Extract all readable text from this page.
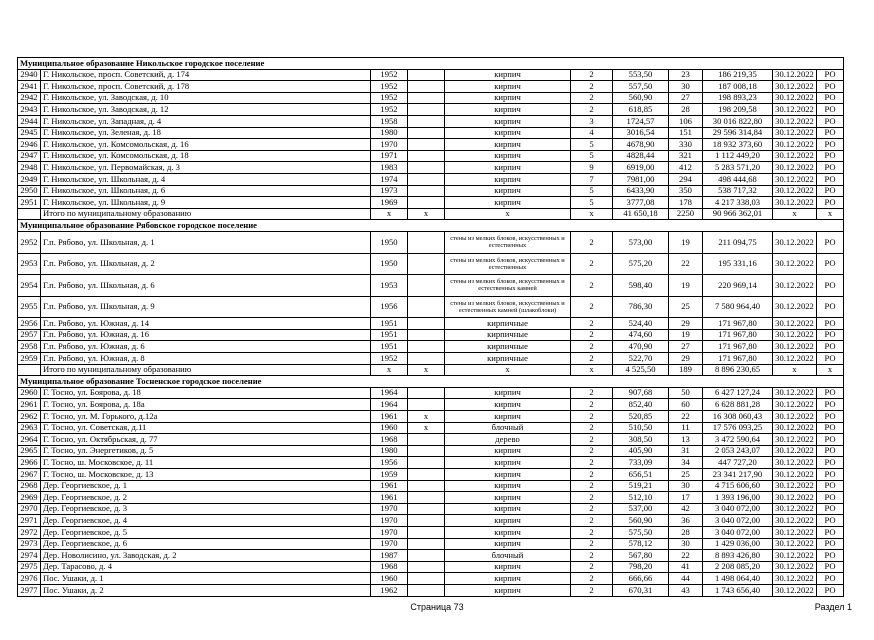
Муниципальное образование Никольское городское поселение										
2940	Г. Никольское, просп. Советский, д. 174	1952			кирпич	2	553,50	23	186 219,35	30.12.2022	РО
2941	Г. Никольское, просп. Советский, д. 178	1952			кирпич	2	557,50	30	187 008,18	30.12.2022	РО
2942	Г. Никольское, ул. Заводская, д. 10	1952			кирпич	2	560,90	27	198 893,23	30.12.2022	РО
2943	Г. Никольское, ул. Заводская, д. 12	1952			кирпич	2	618,85	28	198 209,58	30.12.2022	РО
2944	Г. Никольское, ул. Западная, д. 4	1958			кирпич	3	1724,57	106	30 016 822,80	30.12.2022	РО
2945	Г. Никольское, ул. Зеленая, д. 18	1980			кирпич	4	3016,54	151	29 596 314,84	30.12.2022	РО
2946	Г. Никольское, ул. Комсомольская, д. 16	1970			кирпич	5	4678,90	330	18 932 373,60	30.12.2022	РО
2947	Г. Никольское, ул. Комсомольская, д. 18	1971			кирпич	5	4828,44	321	1 112 449,20	30.12.2022	РО
2948	Г. Никольское, ул. Первомайская, д. 3	1983			кирпич	9	6919,00	412	5 283 571,20	30.12.2022	РО
2949	Г. Никольское, ул. Школьная, д. 4	1974			кирпич	7	7981,00	294	498 444,68	30.12.2022	РО
2950	Г. Никольское, ул. Школьная, д. 6	1973			кирпич	5	6433,90	350	538 717,32	30.12.2022	РО
2951	Г. Никольское, ул. Школьная, д. 9	1969			кирпич	5	3777,08	178	4 217 338,03	30.12.2022	РО
	Итого по муниципальному образованию	x	x		x	x	41 650,18	2250	90 966 362,01	x	x
Муниципальное образование Рябовское городское поселение										
2952	Г.п. Рябово, ул. Школьная, д. 1	1950			стены из мелких блоков, искусственных и естественных	2	573,00	19	211 094,75	30.12.2022	РО
2953	Г.п. Рябово, ул. Школьная, д. 2	1950			стены из мелких блоков, искусственных и естественных	2	575,20	22	195 331,16	30.12.2022	РО
2954	Г.п. Рябово, ул. Школьная, д. 6	1953			стены из мелких блоков, искусственных и естественных камней	2	598,40	19	220 969,14	30.12.2022	РО
2955	Г.п. Рябово, ул. Школьная, д. 9	1956			стены из мелких блоков, искусственных и естественных камней (шлакоблоки)	2	786,30	25	7 580 964,40	30.12.2022	РО
2956	Г.п. Рябово, ул. Южная, д. 14	1951			кирпичные	2	524,40	29	171 967,80	30.12.2022	РО
2957	Г.п. Рябово, ул. Южная, д. 16	1951			кирпичные	2	474,60	19	171 967,80	30.12.2022	РО
2958	Г.п. Рябово, ул. Южная, д. 6	1951			кирпичные	2	470,90	27	171 967,80	30.12.2022	РО
2959	Г.п. Рябово, ул. Южная, д. 8	1952			кирпичные	2	522,70	29	171 967,80	30.12.2022	РО
	Итого по муниципальному образованию	x	x		x	x	4 525,50	189	8 896 230,65	x	x
Муниципальное образование Тосненское городское поселение										
2960	Г. Тосно, ул. Боярова, д. 18	1964			кирпич	2	907,68	50	6 427 127,24	30.12.2022	РО
2961	Г. Тосно, ул. Боярова, д. 18а	1964			кирпич	2	852,40	60	6 628 881,28	30.12.2022	РО
2962	Г. Тосно, ул. М. Горького, д.12а	1961	x		кирпич	2	520,85	22	16 308 060,43	30.12.2022	РО
2963	Г. Тосно, ул. Советская, д.11	1960	x		блочный	2	510,50	11	17 576 093,25	30.12.2022	РО
2964	Г. Тосно, ул. Октябрьская, д. 77	1968			дерево	2	308,50	13	3 472 590,64	30.12.2022	РО
2965	Г. Тосно, ул. Энергетиков, д. 5	1980			кирпич	2	405,90	31	2 053 243,07	30.12.2022	РО
2966	Г. Тосно, ш. Московское, д. 11	1956			кирпич	2	733,09	34	447 727,20	30.12.2022	РО
2967	Г. Тосно, ш. Московское, д. 13	1959			кирпич	2	656,51	25	23 341 217,90	30.12.2022	РО
2968	Дер. Георгиевское, д. 1	1961			кирпич	2	519,21	30	4 715 606,60	30.12.2022	РО
2969	Дер. Георгиевское, д. 2	1961			кирпич	2	512,10	17	1 393 196,00	30.12.2022	РО
2970	Дер. Георгиевское, д. 3	1970			кирпич	2	537,00	42	3 040 072,00	30.12.2022	РО
2971	Дер. Георгиевское, д. 4	1970			кирпич	2	560,90	36	3 040 072,00	30.12.2022	РО
2972	Дер. Георгиевское, д. 5	1970			кирпич	2	575,50	28	3 040 072,00	30.12.2022	РО
2973	Дер. Георгиевское, д. 6	1970			кирпич	2	578,12	30	1 429 036,00	30.12.2022	РО
2974	Дер. Новолисино, ул. Заводская, д. 2	1987			блочный	2	567,80	22	8 893 426,80	30.12.2022	РО
2975	Дер. Тарасово, д. 4	1968			кирпич	2	798,20	41	2 208 085,20	30.12.2022	РО
2976	Пос. Ушаки, д. 1	1960			кирпич	2	666,66	44	1 498 064,40	30.12.2022	РО
2977	Пос. Ушаки, д. 2	1962			кирпич	2	670,31	43	1 743 656,40	30.12.2022	РО
Страница 73	Раздел 1
